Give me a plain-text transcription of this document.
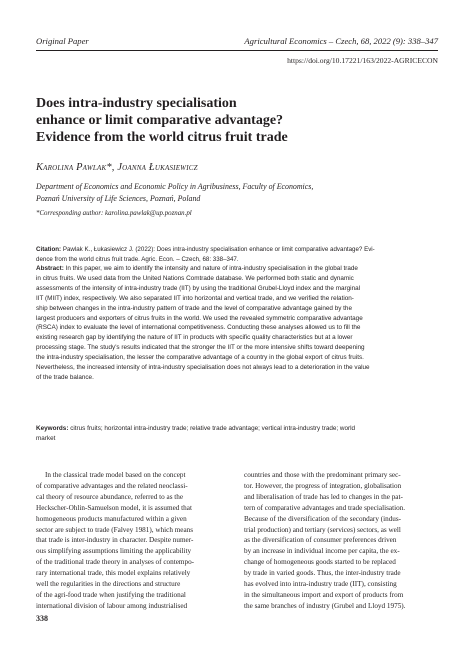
Original Paper	Agricultural Economics – Czech, 68, 2022 (9): 338–347
https://doi.org/10.17221/163/2022-AGRICECON
Does intra-industry specialisation
enhance or limit comparative advantage?
Evidence from the world citrus fruit trade
Karolina Pawlak*, Joanna Łukasiewicz
Department of Economics and Economic Policy in Agribusiness, Faculty of Economics,
Poznań University of Life Sciences, Poznań, Poland
*Corresponding author: karolina.pawlak@up.poznan.pl
Citation: Pawlak K., Łukasiewicz J. (2022): Does intra-industry specialisation enhance or limit comparative advantage? Evi-
dence from the world citrus fruit trade. Agric. Econ. – Czech, 68: 338–347.
Abstract: In this paper, we aim to identify the intensity and nature of intra-industry specialisation in the global trade
in citrus fruits. We used data from the United Nations Comtrade database. We performed both static and dynamic
assessments of the intensity of intra-industry trade (IIT) by using the traditional Grubel-Lloyd index and the marginal
IIT (MIIT) index, respectively. We also separated IIT into horizontal and vertical trade, and we verified the relation-
ship between changes in the intra-industry pattern of trade and the level of comparative advantage gained by the
largest producers and exporters of citrus fruits in the world. We used the revealed symmetric comparative advantage
(RSCA) index to evaluate the level of international competitiveness. Conducting these analyses allowed us to fill the
existing research gap by identifying the nature of IIT in products with specific quality characteristics but at a lower
processing stage. The study's results indicated that the stronger the IIT or the more intensive shifts toward deepening
the intra-industry specialisation, the lesser the comparative advantage of a country in the global export of citrus fruits.
Nevertheless, the increased intensity of intra-industry specialisation does not always lead to a deterioration in the value
of the trade balance.
Keywords: citrus fruits; horizontal intra-industry trade; relative trade advantage; vertical intra-industry trade; world
market
In the classical trade model based on the concept
of comparative advantages and the related neoclassi-
cal theory of resource abundance, referred to as the
Heckscher-Ohlin-Samuelson model, it is assumed that
homogeneous products manufactured within a given
sector are subject to trade (Falvey 1981), which means
that trade is inter-industry in character. Despite numer-
ous simplifying assumptions limiting the applicability
of the traditional trade theory in analyses of contempo-
rary international trade, this model explains relatively
well the regularities in the directions and structure
of the agri-food trade when justifying the traditional
international division of labour among industrialised
countries and those with the predominant primary sec-
tor. However, the progress of integration, globalisation
and liberalisation of trade has led to changes in the pat-
tern of comparative advantages and trade specialisation.
Because of the diversification of the secondary (indus-
trial production) and tertiary (services) sectors, as well
as the diversification of consumer preferences driven
by an increase in individual income per capita, the ex-
change of homogeneous goods started to be replaced
by trade in varied goods. Thus, the inter-industry trade
has evolved into intra-industry trade (IIT), consisting
in the simultaneous import and export of products from
the same branches of industry (Grubel and Lloyd 1975).
338
